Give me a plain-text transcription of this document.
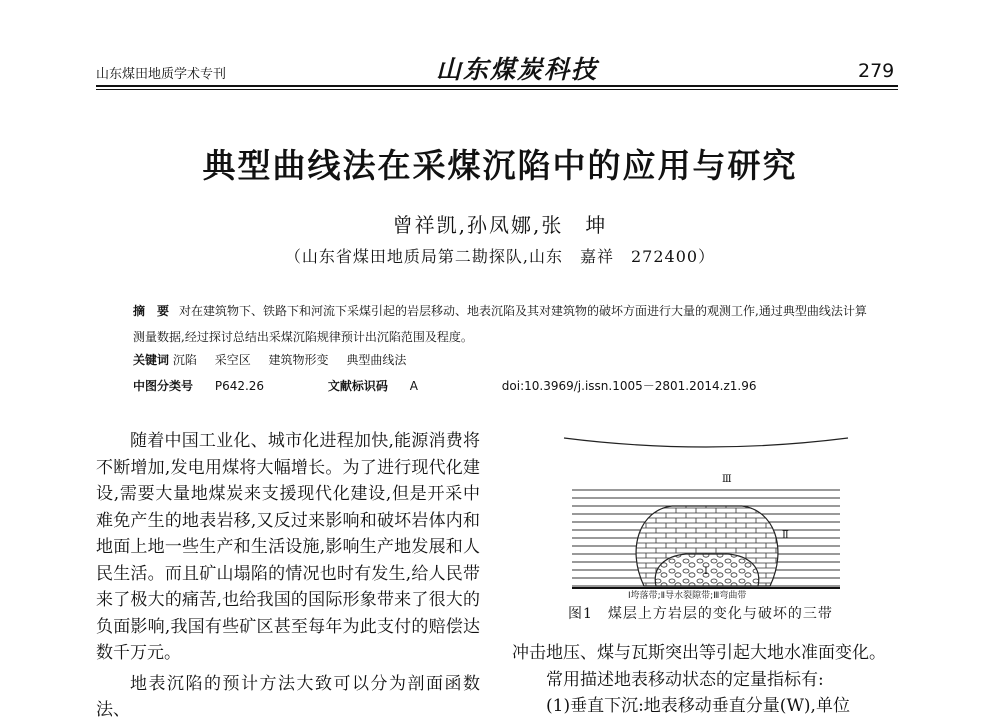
山东煤田地质学术专刊	山东煤炭科技	279
典型曲线法在采煤沉陷中的应用与研究
曾祥凯,孙凤娜,张　坤
（山东省煤田地质局第二勘探队,山东　嘉祥　272400）
摘　要 对在建筑物下、铁路下和河流下采煤引起的岩层移动、地表沉陷及其对建筑物的破坏方面进行大量的观测工作,通过典型曲线法计算测量数据,经过探讨总结出采煤沉陷规律预计出沉陷范围及程度。
关键词 沉陷 采空区 建筑物形变 典型曲线法
中图分类号 P642.26	文献标识码 A	doi:10.3969/j.issn.1005－2801.2014.z1.96

随着中国工业化、城市化进程加快,能源消费将不断增加,发电用煤将大幅增长。为了进行现代化建设,需要大量地煤炭来支援现代化建设,但是开采中难免产生的地表岩移,又反过来影响和破坏岩体内和地面上地一些生产和生活设施,影响生产地发展和人民生活。而且矿山塌陷的情况也时有发生,给人民带来了极大的痛苦,也给我国的国际形象带来了很大的负面影响,我国有些矿区甚至每年为此支付的赔偿达数千万元。

地表沉陷的预计方法大致可以分为剖面函数法、

Ⅲ
Ⅱ
Ⅰ
Ⅰ垮落带;Ⅱ导水裂隙带;Ⅲ弯曲带
图1　煤层上方岩层的变化与破坏的三带

冲击地压、煤与瓦斯突出等引起大地水准面变化。

常用描述地表移动状态的定量指标有:

(1)垂直下沉:地表移动垂直分量(W),单位
